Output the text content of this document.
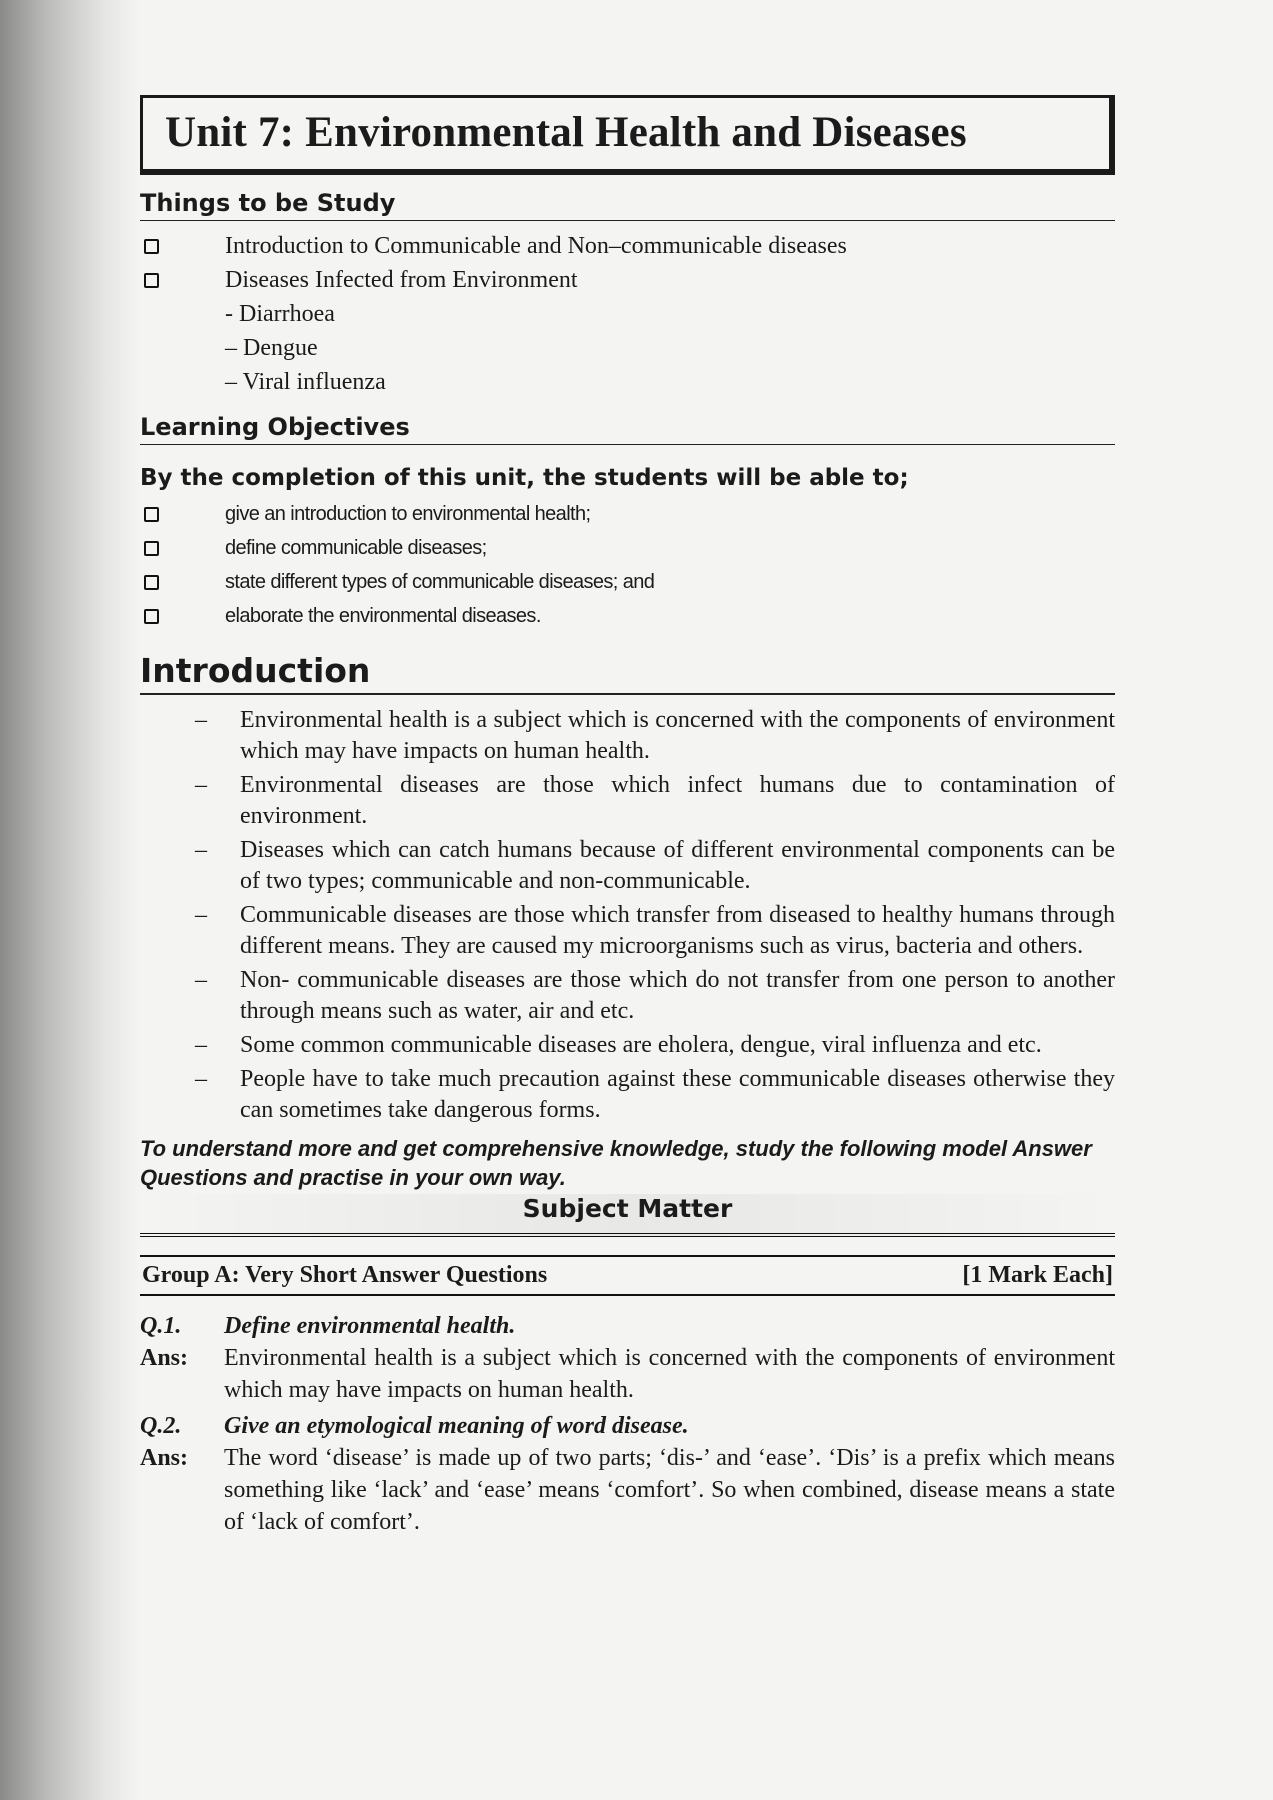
Unit 7: Environmental Health and Diseases
Things to be Study
Introduction to Communicable and Non–communicable diseases
Diseases Infected from Environment
- Diarrhoea
– Dengue
– Viral influenza
Learning Objectives
By the completion of this unit, the students will be able to;
give an introduction to environmental health;
define communicable diseases;
state different types of communicable diseases; and
elaborate the environmental diseases.
Introduction
– Environmental health is a subject which is concerned with the components of environment which may have impacts on human health.
– Environmental diseases are those which infect humans due to contamination of environment.
– Diseases which can catch humans because of different environmental components can be of two types; communicable and non-communicable.
– Communicable diseases are those which transfer from diseased to healthy humans through different means. They are caused my microorganisms such as virus, bacteria and others.
– Non- communicable diseases are those which do not transfer from one person to another through means such as water, air and etc.
– Some common communicable diseases are eholera, dengue, viral influenza and etc.
– People have to take much precaution against these communicable diseases otherwise they can sometimes take dangerous forms.
To understand more and get comprehensive knowledge, study the following model Answer Questions and practise in your own way.
Subject Matter
Group A: Very Short Answer Questions	[1 Mark Each]
Q.1.	Define environmental health.
Ans:	Environmental health is a subject which is concerned with the components of environment which may have impacts on human health.
Q.2.	Give an etymological meaning of word disease.
Ans:	The word ‘disease’ is made up of two parts; ‘dis-’ and ‘ease’. ‘Dis’ is a prefix which means something like ‘lack’ and ‘ease’ means ‘comfort’. So when combined, disease means a state of ‘lack of comfort’.
